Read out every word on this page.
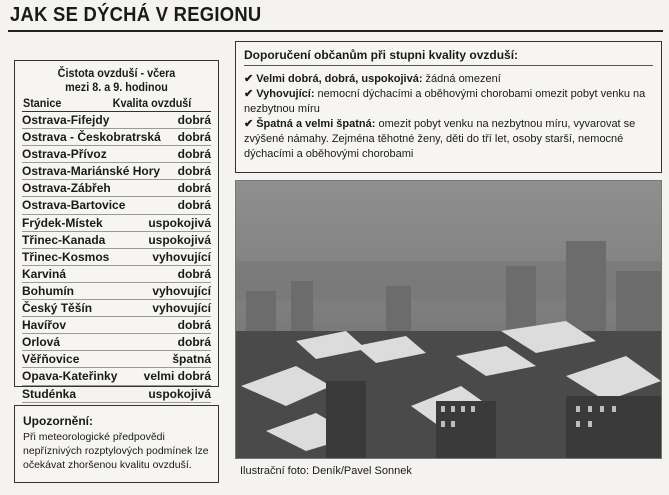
JAK SE DÝCHÁ V REGIONU
Čistota ovzduší - včera
mezi 8. a 9. hodinou
Stanice	Kvalita ovzduší
Ostrava-Fifejdy	dobrá
Ostrava - Českobratrská dobrá
Ostrava-Přívoz	dobrá
Ostrava-Mariánské Hory dobrá
Ostrava-Zábřeh	dobrá
Ostrava-Bartovice	dobrá
Frýdek-Místek	uspokojivá
Třinec-Kanada	uspokojivá
Třinec-Kosmos	vyhovující
Karviná	dobrá
Bohumín	vyhovující
Český Těšín	vyhovující
Havířov	dobrá
Orlová	dobrá
Věřňovice	špatná
Opava-Kateřinky velmi dobrá
Studénka	uspokojivá
Upozornění:
Při meteorologické předpovědi nepříznivých rozptylových podmínek lze očekávat zhoršenou kvalitu ovzduší.
Doporučení občanům při stupni kvality ovzduší:
✔ Velmi dobrá, dobrá, uspokojivá: žádná omezení
✔ Vyhovující: nemocní dýchacími a oběhovými chorobami omezit pobyt venku na nezbytnou míru
✔ Špatná a velmi špatná: omezit pobyt venku na nezbytnou míru, vyvarovat se zvýšené námahy. Zejména těhotné ženy, děti do tří let, osoby starší, nemocné dýchacími a oběhovými chorobami
Ilustrační foto: Deník/Pavel Sonnek
